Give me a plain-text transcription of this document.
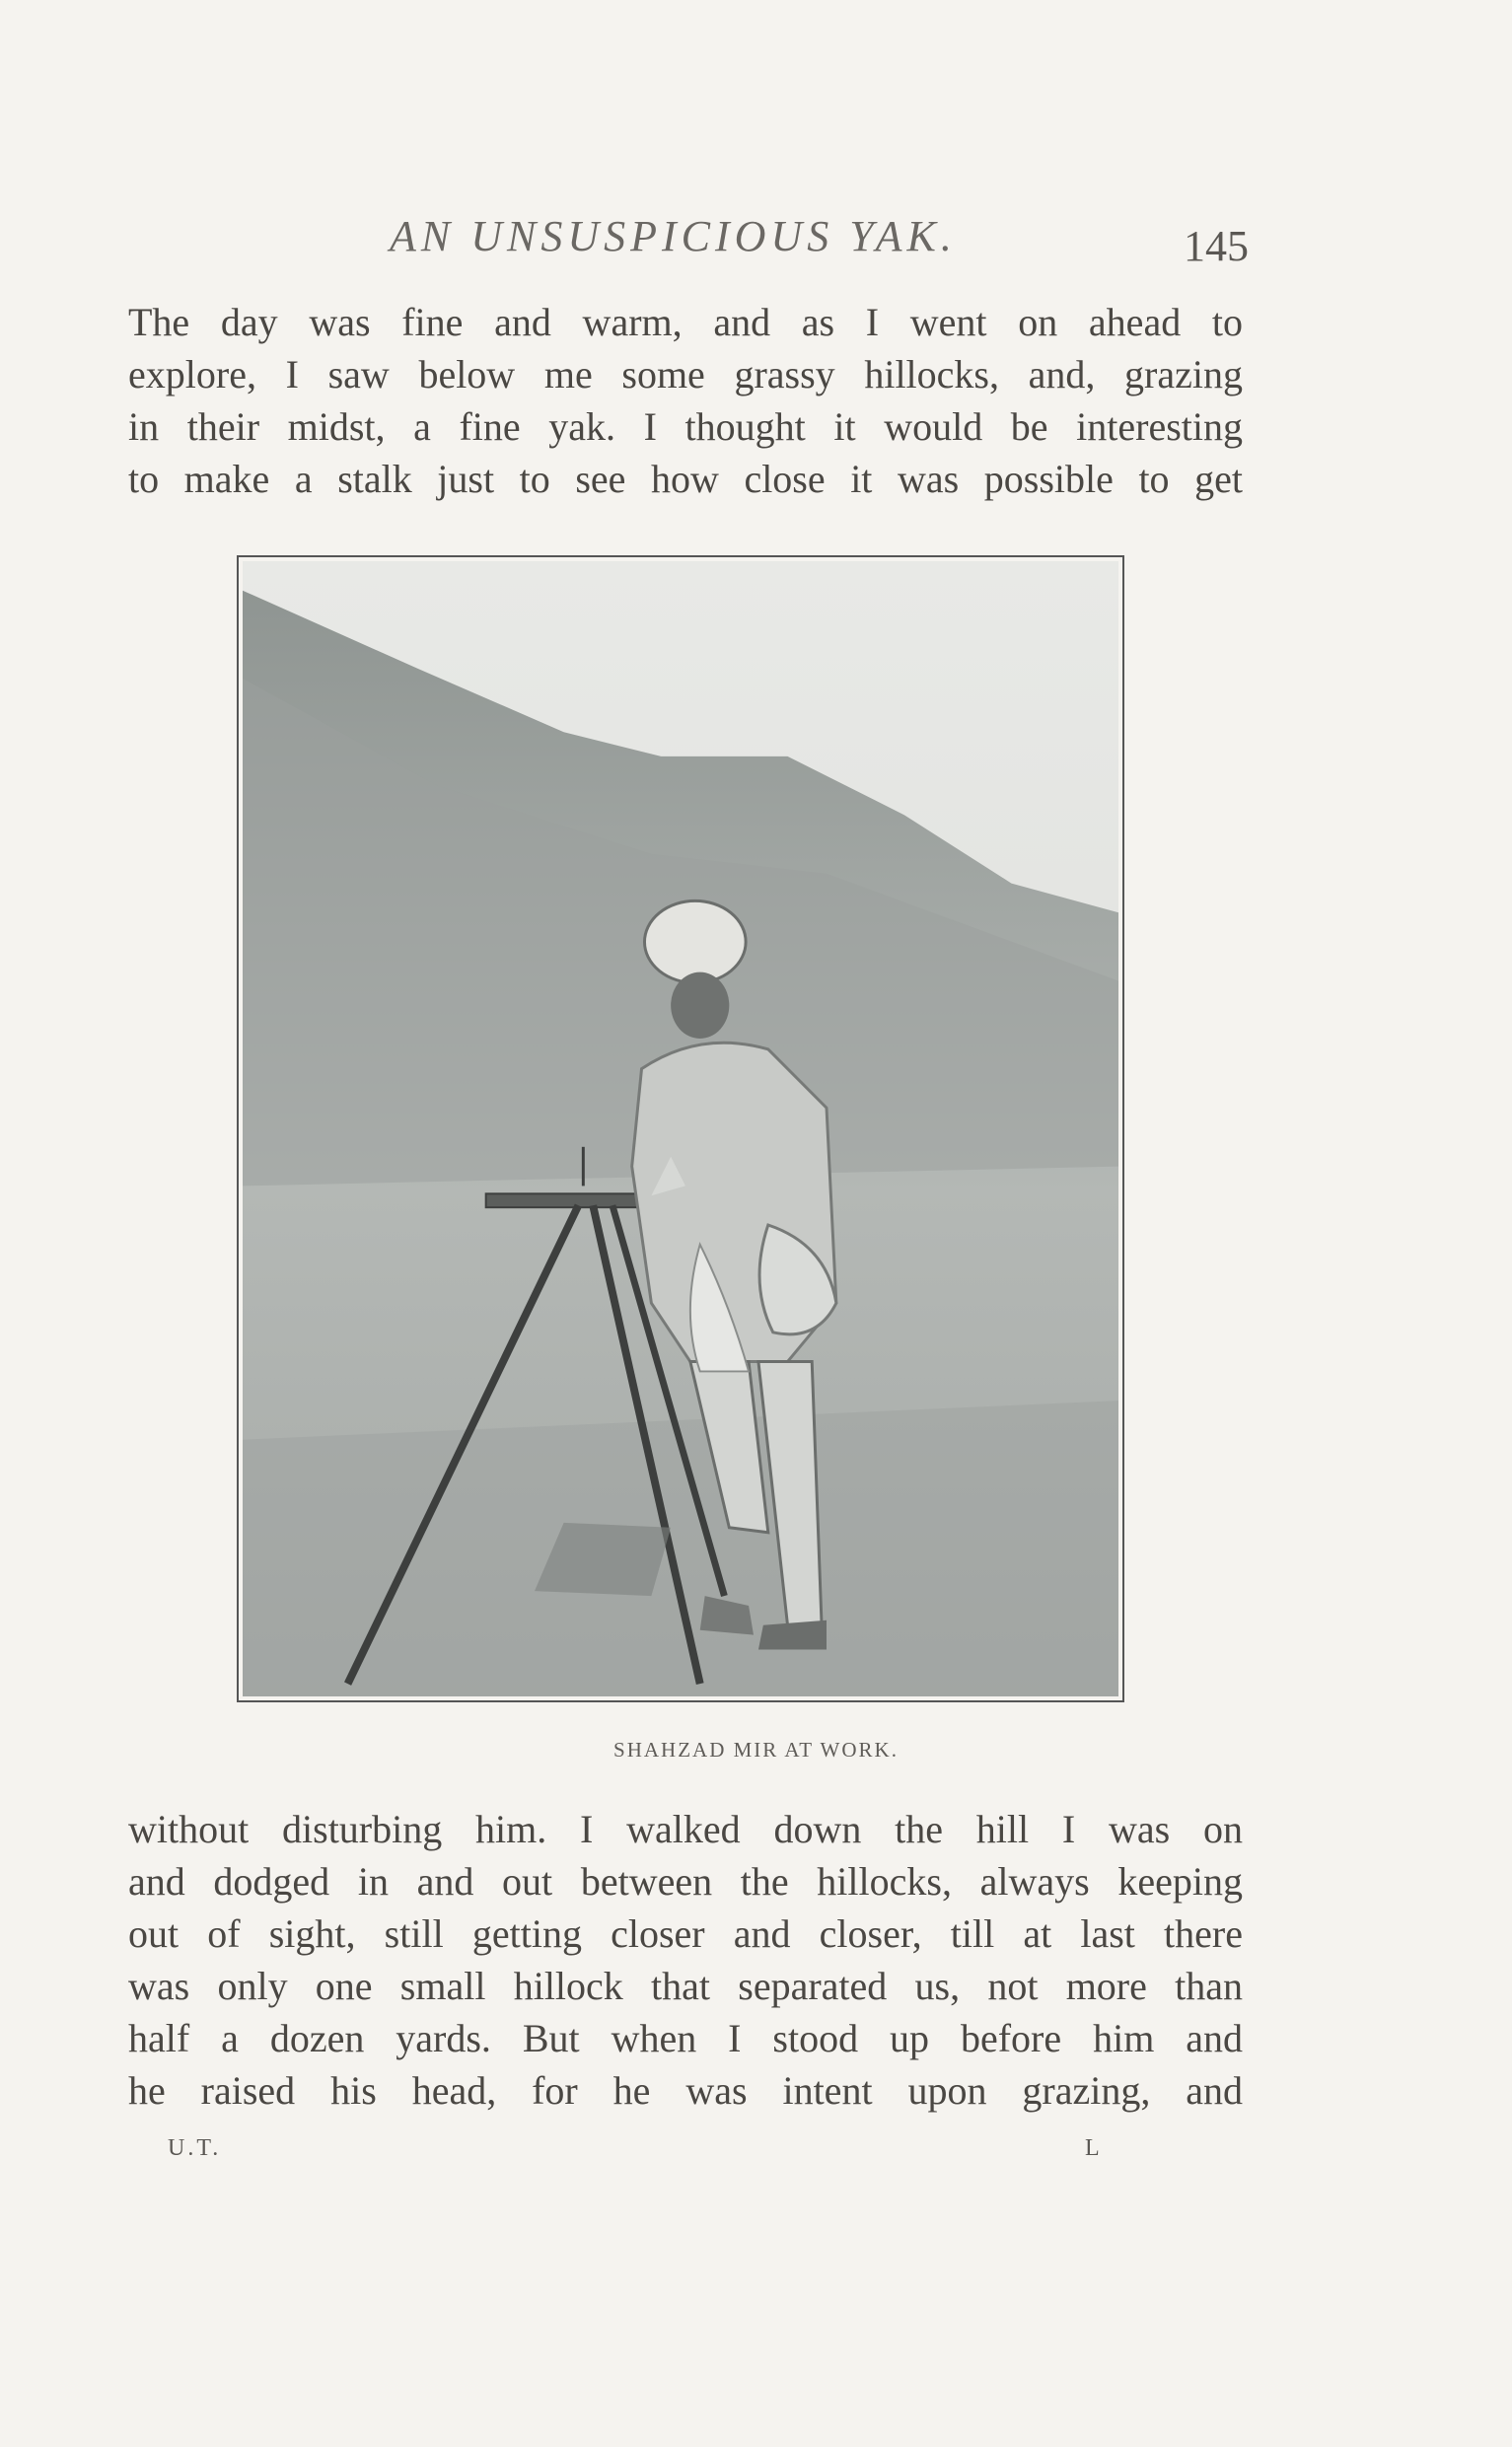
AN UNSUSPICIOUS YAK.	145
The day was fine and warm, and as I went on ahead to
explore, I saw below me some grassy hillocks, and, grazing
in their midst, a fine yak. I thought it would be interesting
to make a stalk just to see how close it was possible to get
SHAHZAD MIR AT WORK.
without disturbing him. I walked down the hill I was on
and dodged in and out between the hillocks, always keeping
out of sight, still getting closer and closer, till at last there
was only one small hillock that separated us, not more than
half a dozen yards. But when I stood up before him and
he raised his head, for he was intent upon grazing, and
U.T.	L
